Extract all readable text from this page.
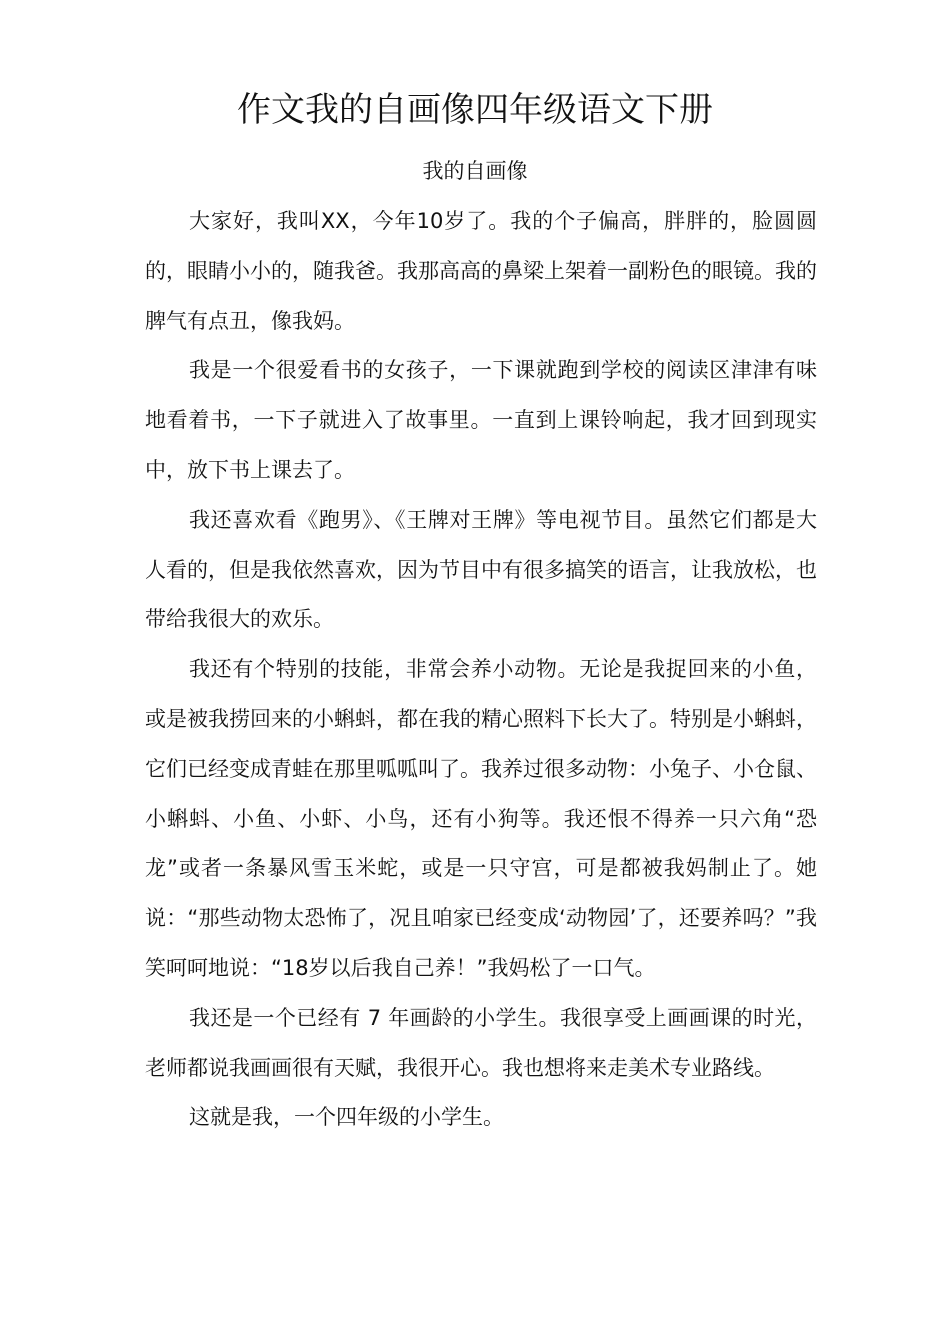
作文我的自画像四年级语文下册
我的自画像

大家好，我叫XX，今年10岁了。我的个子偏高，胖胖的，脸圆圆的，眼睛小小的，随我爸。我那高高的鼻梁上架着一副粉色的眼镜。我的脾气有点丑，像我妈。

我是一个很爱看书的女孩子，一下课就跑到学校的阅读区津津有味地看着书，一下子就进入了故事里。一直到上课铃响起，我才回到现实中，放下书上课去了。

我还喜欢看《跑男》、《王牌对王牌》等电视节目。虽然它们都是大人看的，但是我依然喜欢，因为节目中有很多搞笑的语言，让我放松，也带给我很大的欢乐。

我还有个特别的技能，非常会养小动物。无论是我捉回来的小鱼，或是被我捞回来的小蝌蚪，都在我的精心照料下长大了。特别是小蝌蚪，它们已经变成青蛙在那里呱呱叫了。我养过很多动物：小兔子、小仓鼠、小蝌蚪、小鱼、小虾、小鸟，还有小狗等。我还恨不得养一只六角“恐龙”或者一条暴风雪玉米蛇，或是一只守宫，可是都被我妈制止了。她说：“那些动物太恐怖了，况且咱家已经变成‘动物园’了，还要养吗？”我笑呵呵地说：“18岁以后我自己养！”我妈松了一口气。

我还是一个已经有 7 年画龄的小学生。我很享受上画画课的时光，老师都说我画画很有天赋，我很开心。我也想将来走美术专业路线。

这就是我，一个四年级的小学生。
